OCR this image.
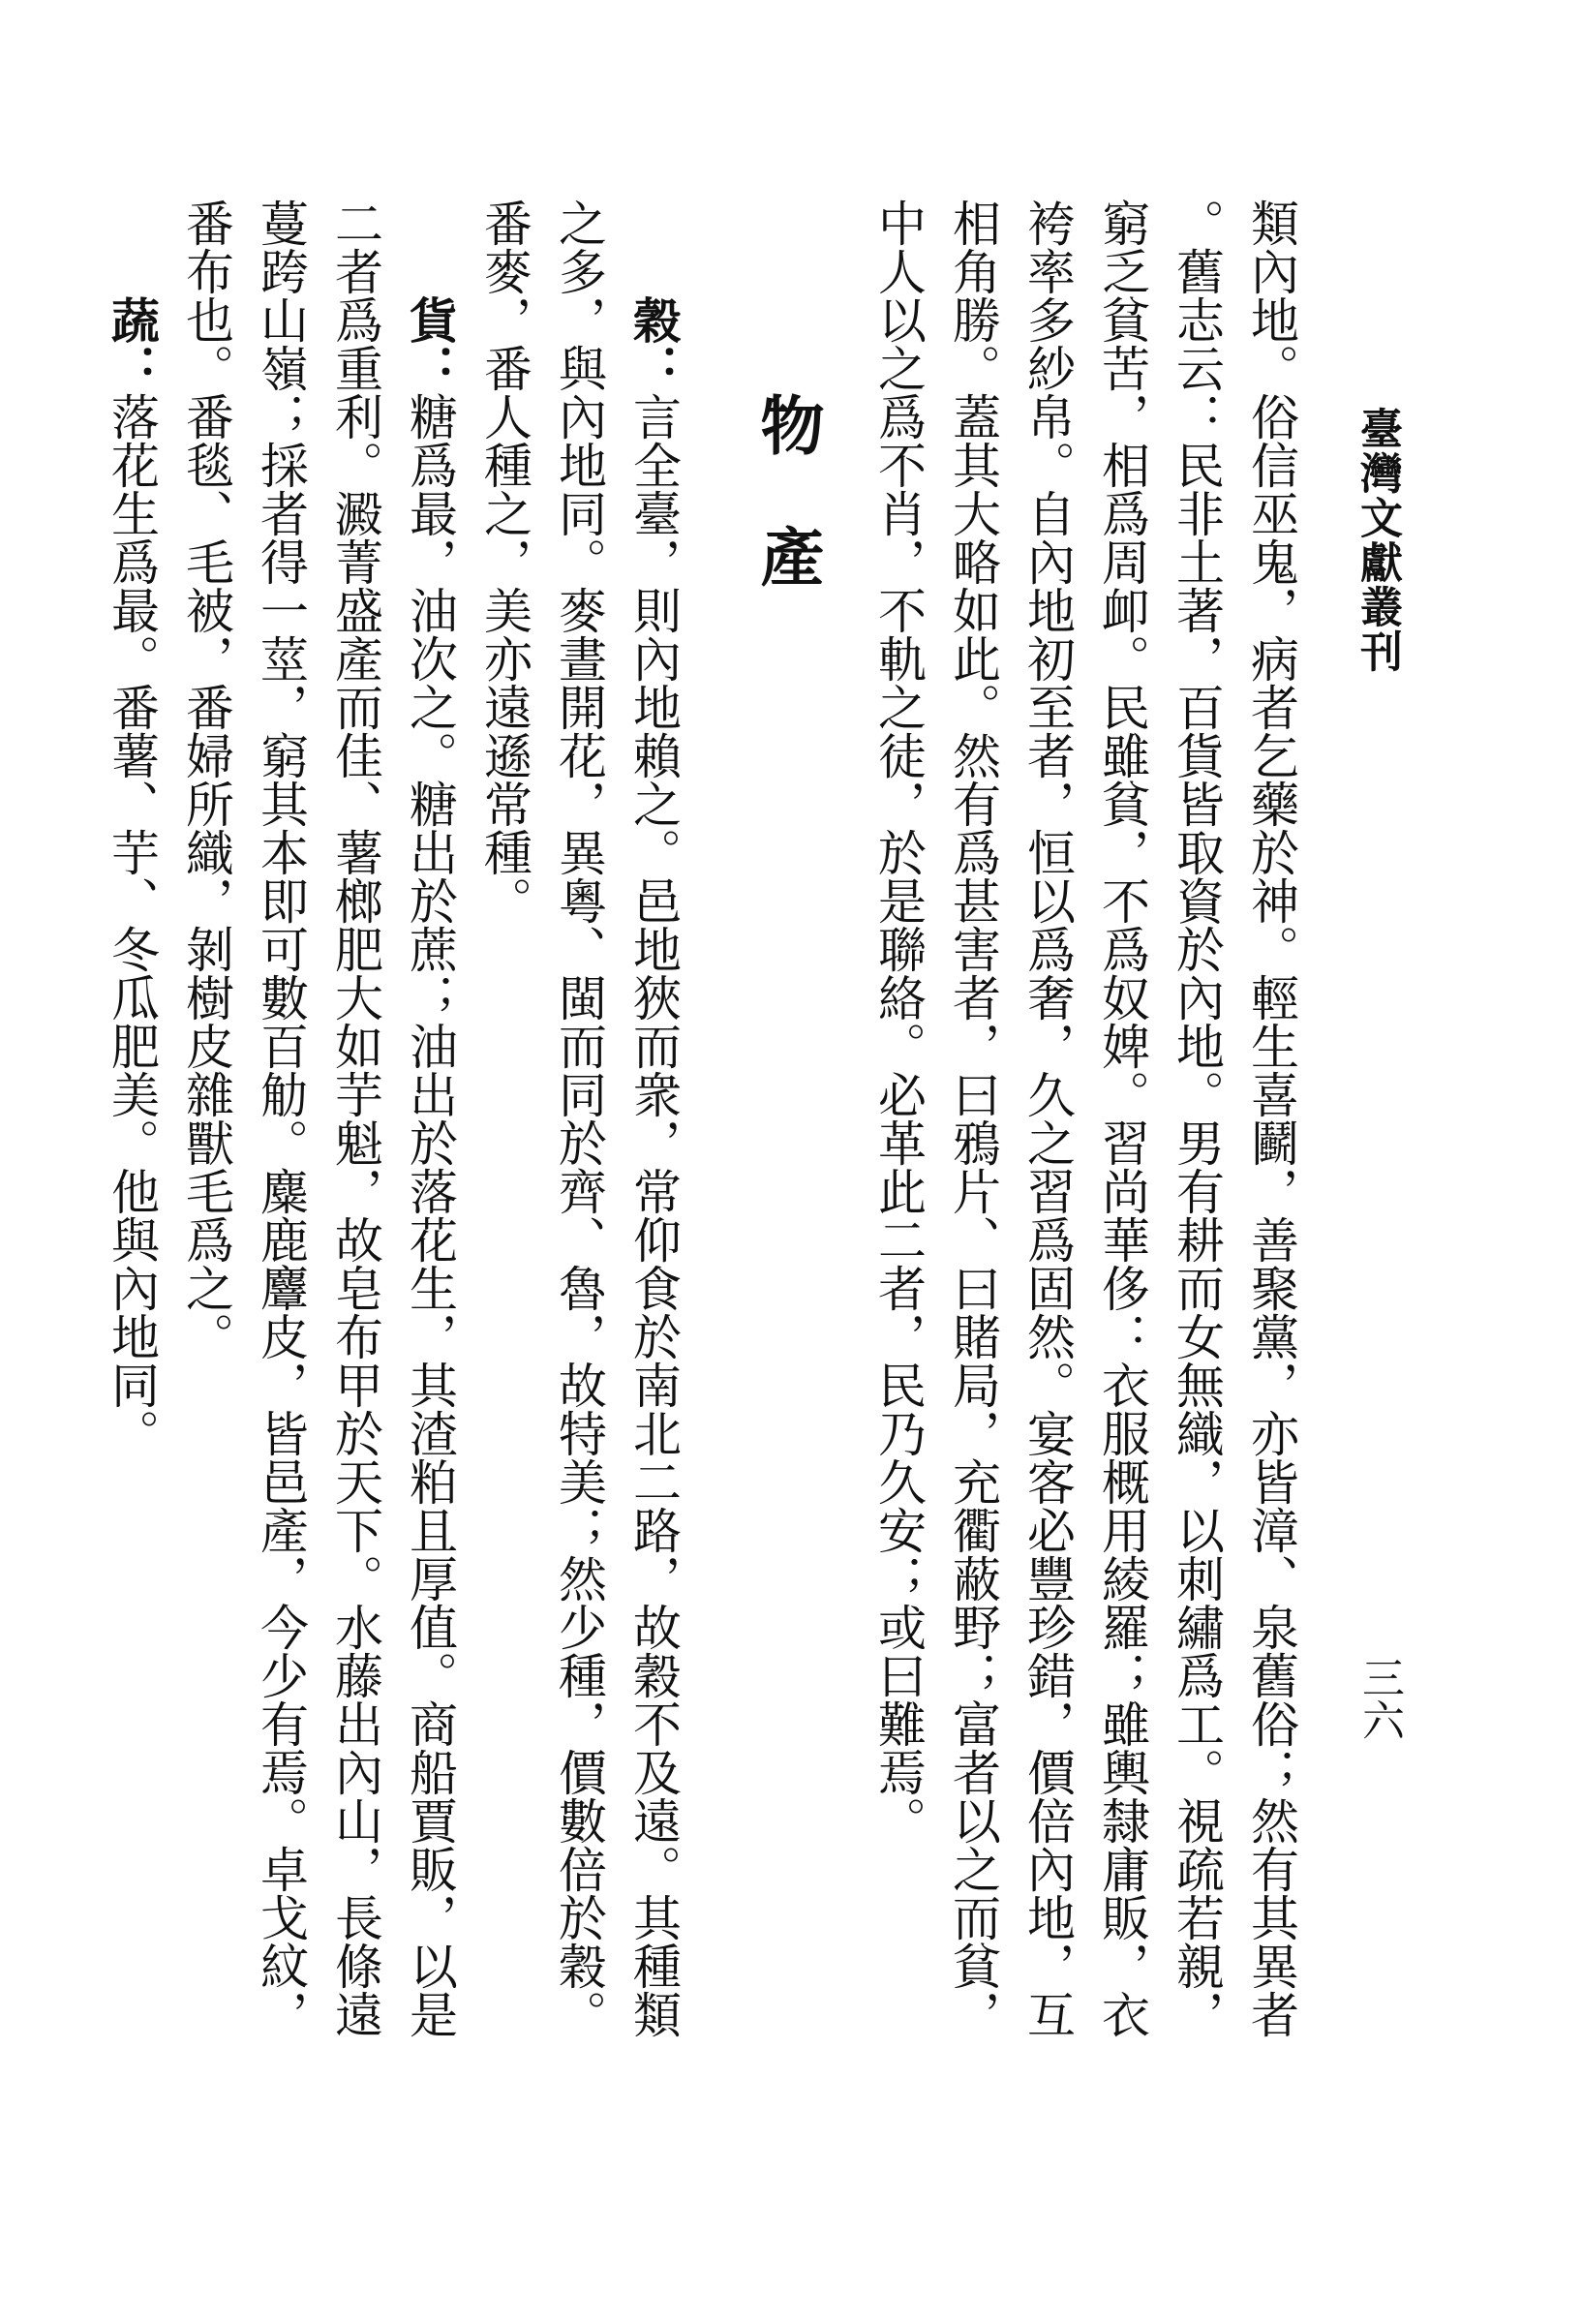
臺灣文獻叢刊
三六
類內地。俗信巫鬼，病者乞藥於神。輕生喜鬬，善聚黨，亦皆漳、泉舊俗；然有其異者
。舊志云：民非土著，百貨皆取資於內地。男有耕而女無織，以刺繡爲工。視疏若親，
窮乏貧苦，相爲周卹。民雖貧，不爲奴婢。習尚華侈：衣服概用綾羅；雖輿隸庸販，衣
袴率多紗帛。自內地初至者，恒以爲奢，久之習爲固然。宴客必豐珍錯，價倍內地，互
相角勝。蓋其大略如此。然有爲甚害者，曰鴉片、曰賭局，充衢蔽野；富者以之而貧，
中人以之爲不肖，不軌之徒，於是聯絡。必革此二者，民乃久安；或曰難焉。
物產
穀：言全臺，則內地賴之。邑地狹而衆，常仰食於南北二路，故穀不及遠。其種類
之多，與內地同。麥晝開花，異粵、閩而同於齊、魯，故特美；然少種，價數倍於穀。
番麥，番人種之，美亦遠遜常種。
貨：糖爲最，油次之。糖出於蔗；油出於落花生，其渣粕且厚值。商船賈販，以是
二者爲重利。澱菁盛產而佳、薯榔肥大如芋魁，故皂布甲於天下。水藤出內山，長條遠
蔓跨山嶺；採者得一莖，窮其本即可數百觔。麋鹿麞皮，皆邑產，今少有焉。卓戈紋，
番布也。番毯、毛被，番婦所織，剝樹皮雜獸毛爲之。
蔬：落花生爲最。番薯、芋、冬瓜肥美。他與內地同。
